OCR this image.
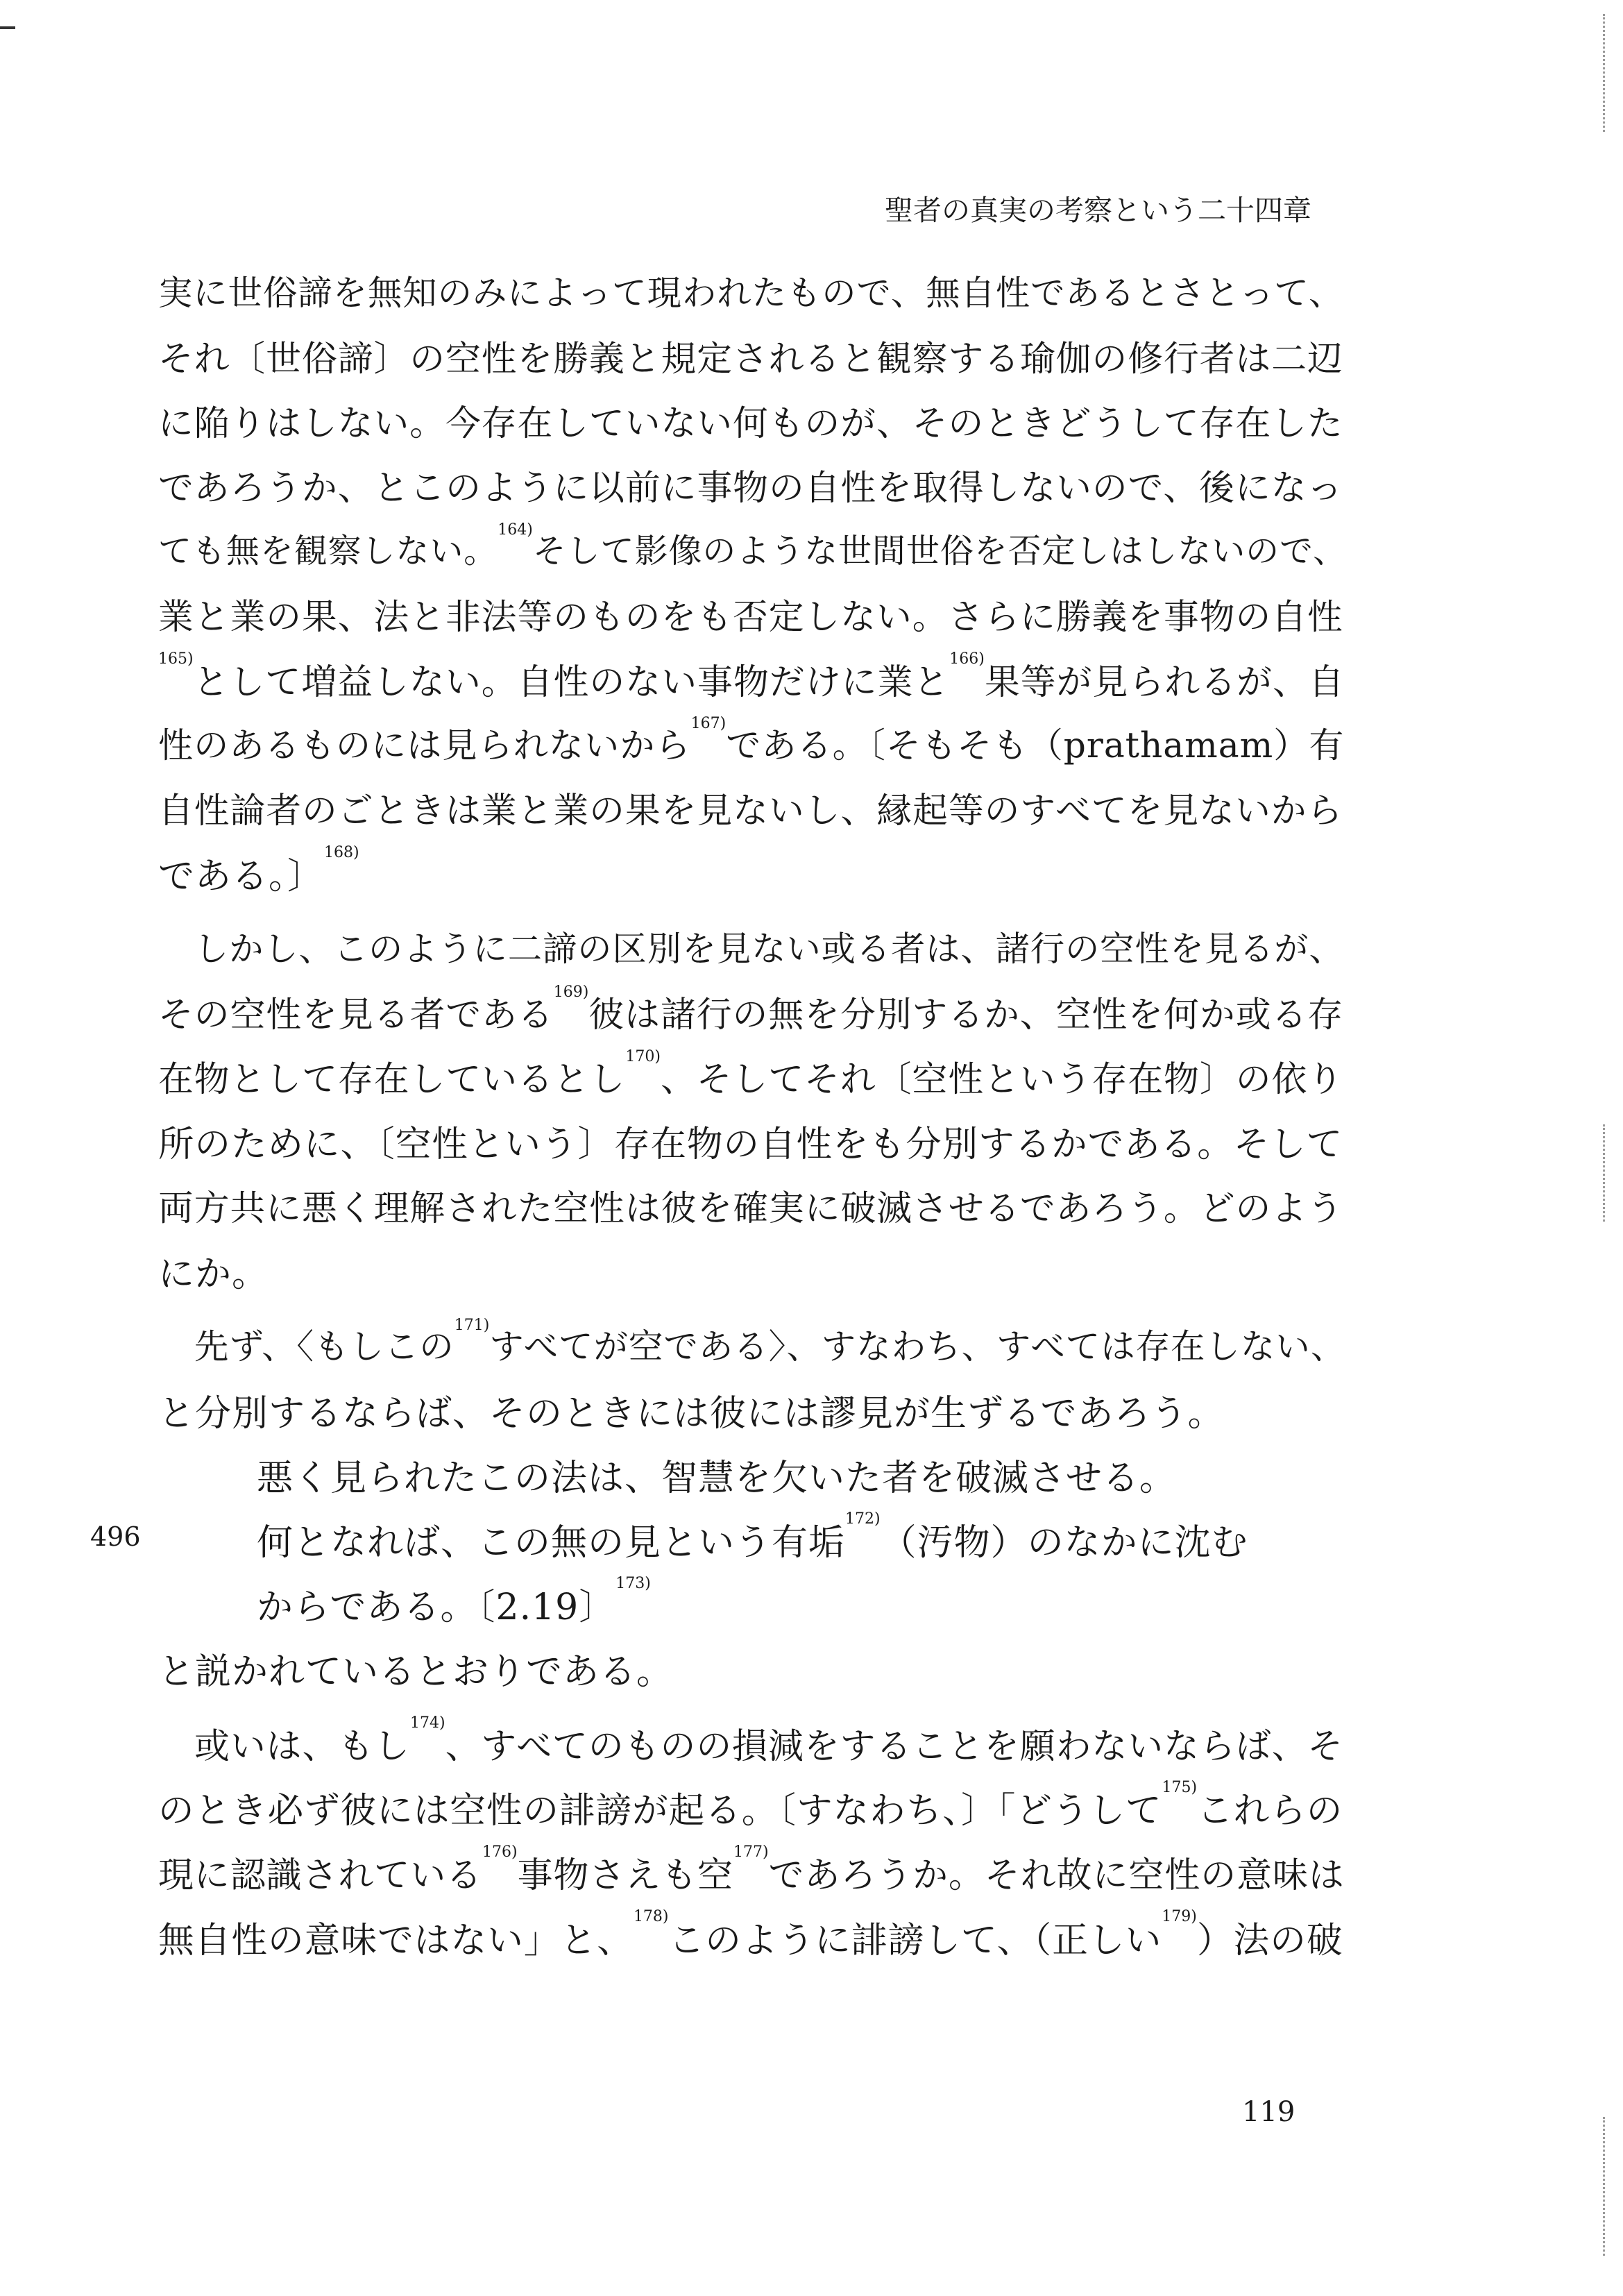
聖者の真実の考察という二十四章
実に世俗諦を無知のみによって現われたもので、無自性であるとさとって、
それ〔世俗諦〕の空性を勝義と規定されると観察する瑜伽の修行者は二辺
に陥りはしない。今存在していない何ものが、そのときどうして存在した
であろうか、とこのように以前に事物の自性を取得しないので、後になっ
ても無を観察しない。$^{164)}$そして影像のような世間世俗を否定しはしないので、
業と業の果、法と非法等のものをも否定しない。さらに勝義を事物の自性
$^{165)}$として増益しない。自性のない事物だけに業と$^{166)}$果等が見られるが、自
性のあるものには見られないから$^{167)}$である。〔そもそも（prathamam）有
自性論者のごときは業と業の果を見ないし、縁起等のすべてを見ないから
である。〕$^{168)}$
しかし、このように二諦の区別を見ない或る者は、諸行の空性を見るが、
その空性を見る者である$^{169)}$彼は諸行の無を分別するか、空性を何か或る存
在物として存在しているとし$^{170)}$、そしてそれ〔空性という存在物〕の依り
所のために、〔空性という〕存在物の自性をも分別するかである。そして
両方共に悪く理解された空性は彼を確実に破滅させるであろう。どのよう
にか。
先ず、〈もしこの$^{171)}$すべてが空である〉、すなわち、すべては存在しない、
と分別するならば、そのときには彼には謬見が生ずるであろう。
496
悪く見られたこの法は、智慧を欠いた者を破滅させる。
何となれば、この無の見という有垢$^{172)}$（汚物）のなかに沈む
からである。〔2.19〕$^{173)}$
と説かれているとおりである。
或いは、もし$^{174)}$、すべてのものの損減をすることを願わないならば、そ
のとき必ず彼には空性の誹謗が起る。〔すなわち、〕「どうして$^{175)}$これらの
現に認識されている$^{176)}$事物さえも空$^{177)}$であろうか。それ故に空性の意味は
無自性の意味ではない」と、$^{178)}$このように誹謗して、（正しい$^{179)}$）法の破
119
